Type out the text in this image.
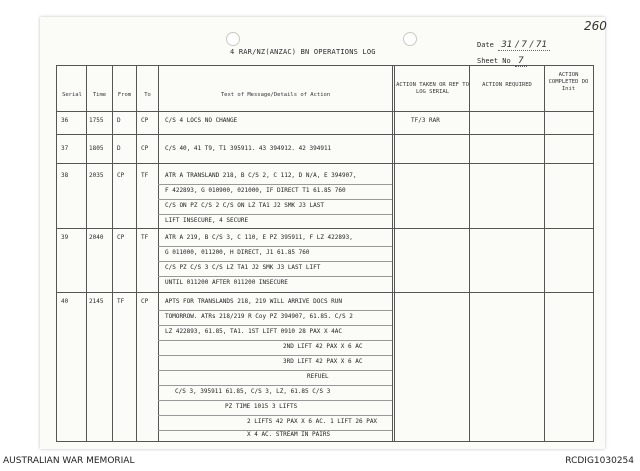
4 RAR/NZ(ANZAC) BN OPERATIONS LOG
Date 31 / 7 / 71
Sheet No 7
Serial	Time	From	To	Text of Message/Details of Action
ACTION TAKEN OR REF TO LOG SERIAL
ACTION REQUIRED
ACTION COMPLETED DO Init
36	1755 D	CP	C/S 4 LOCS NO CHANGE	TF/3 RAR
37	1805 D	CP	C/S 40, 41 T9, T1 395911. 43 394912. 42 394911
38	2035 CP	TF	ATR A TRANSLAND 218, B C/S 2, C 112, D N/A, E 394907,
F 422893, G 010900, 021000, IF DIRECT T1 61.85 760
C/S ON PZ C/S 2 C/S ON LZ TA1 J2 SMK J3 LAST
LIFT INSECURE, 4 SECURE
39	2040 CP	TF	ATR A 219, B C/S 3, C 110, E PZ 395911, F LZ 422893,
G 011000, 011200, H DIRECT, J1 61.85 760
C/S PZ C/S 3 C/S LZ TA1 J2 SMK J3 LAST LIFT
UNTIL 011200 AFTER 011200 INSECURE
40	2145 TF	CP	APTS FOR TRANSLANDS 218, 219 WILL ARRIVE DOCS RUN
TOMORROW. ATRs 218/219 R Coy PZ 394907, 61.85. C/S 2
LZ 422893, 61.85, TA1. 1ST LIFT 0910 28 PAX X 4AC
2ND LIFT 42 PAX X 6 AC
3RD LIFT 42 PAX X 6 AC
REFUEL
C/S 3, 395911 61.85, C/S 3, LZ, 61.85 C/S 3
PZ TIME 1015 3 LIFTS
2 LIFTS 42 PAX X 6 AC. 1 LIFT 26 PAX
X 4 AC. STREAM IN PAIRS
260
AUSTRALIAN WAR MEMORIAL	RCDIG1030254
